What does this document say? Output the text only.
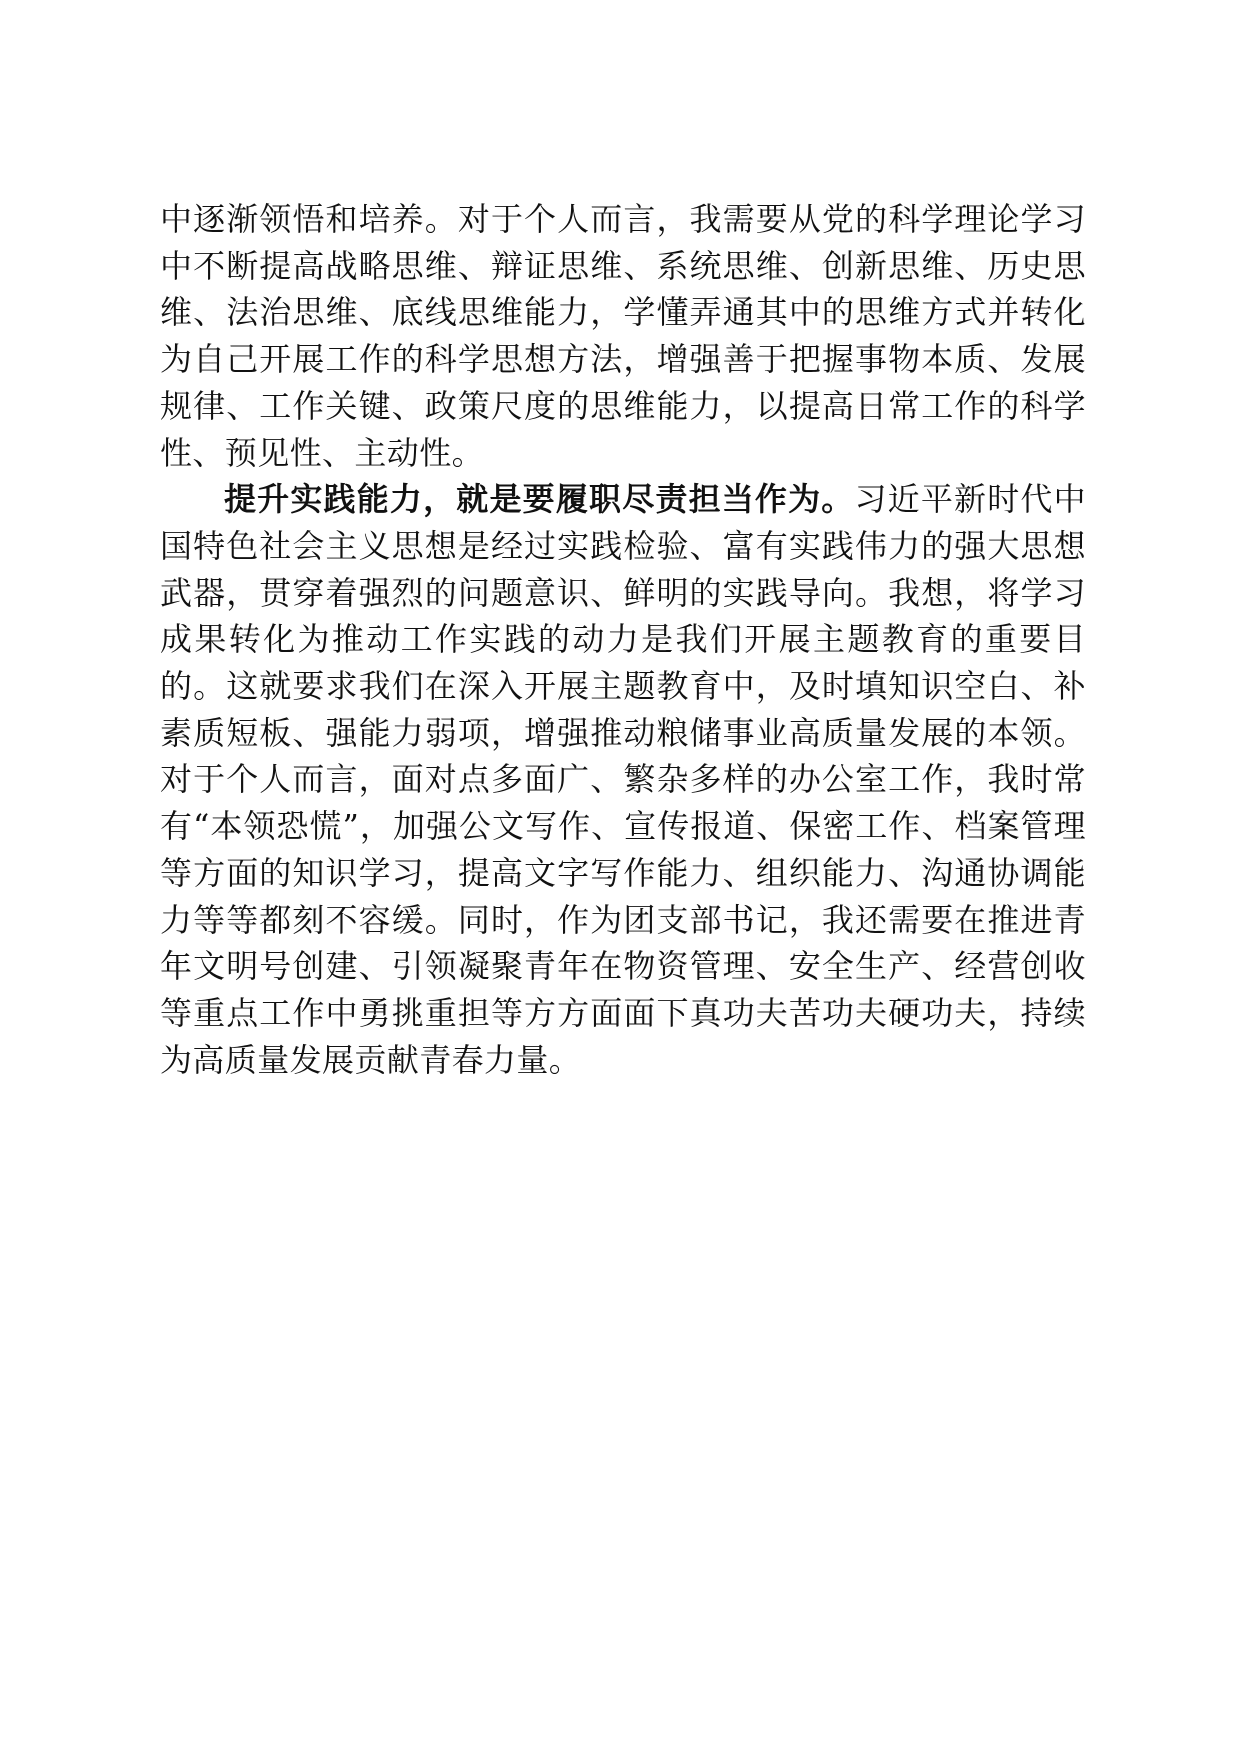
中逐渐领悟和培养。对于个人而言，我需要从党的科学理论学习中不断提高战略思维、辩证思维、系统思维、创新思维、历史思维、法治思维、底线思维能力，学懂弄通其中的思维方式并转化为自己开展工作的科学思想方法，增强善于把握事物本质、发展规律、工作关键、政策尺度的思维能力，以提高日常工作的科学性、预见性、主动性。

提升实践能力，就是要履职尽责担当作为。习近平新时代中国特色社会主义思想是经过实践检验、富有实践伟力的强大思想武器，贯穿着强烈的问题意识、鲜明的实践导向。我想，将学习成果转化为推动工作实践的动力是我们开展主题教育的重要目的。这就要求我们在深入开展主题教育中，及时填知识空白、补素质短板、强能力弱项，增强推动粮储事业高质量发展的本领。对于个人而言，面对点多面广、繁杂多样的办公室工作，我时常有“本领恐慌”，加强公文写作、宣传报道、保密工作、档案管理等方面的知识学习，提高文字写作能力、组织能力、沟通协调能力等等都刻不容缓。同时，作为团支部书记，我还需要在推进青年文明号创建、引领凝聚青年在物资管理、安全生产、经营创收等重点工作中勇挑重担等方方面面下真功夫苦功夫硬功夫，持续为高质量发展贡献青春力量。
